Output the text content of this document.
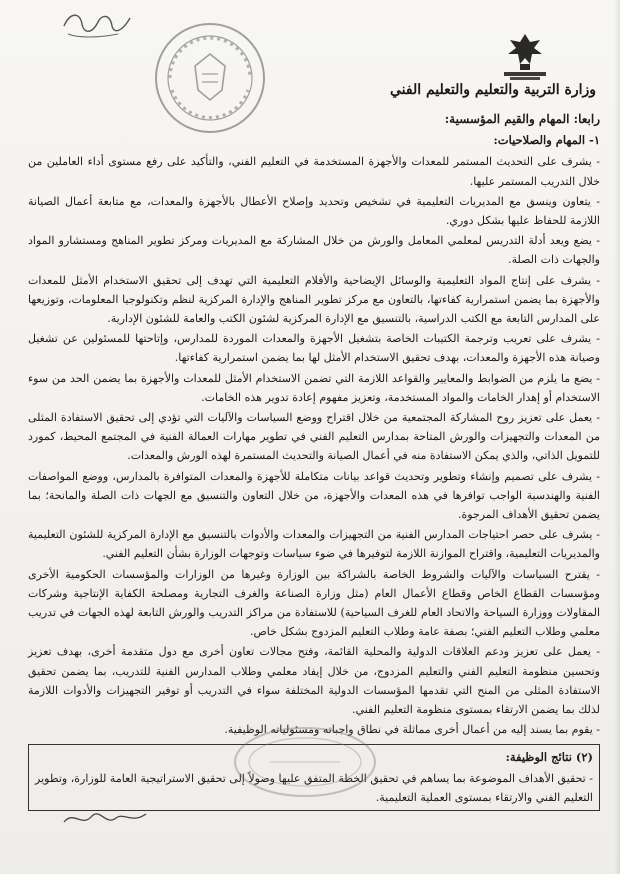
وزارة التربية والتعليم والتعليم الفني
رابعا: المهام والقيم المؤسسية:
١- المهام والصلاحيات:

- يشرف على التحديث المستمر للمعدات والأجهزة المستخدمة في التعليم الفني، والتأكيد على رفع مستوى أداء العاملين من خلال التدريب المستمر عليها.

- يتعاون وينسق مع المديريات التعليمية في تشخيص وتحديد وإصلاح الأعطال بالأجهزة والمعدات، مع متابعة أعمال الصيانة اللازمة للحفاظ عليها بشكل دوري.

- يضع ويعد أدلة التدريس لمعلمي المعامل والورش من خلال المشاركة مع المديريات ومركز تطوير المناهج ومستشارو المواد والجهات ذات الصلة.

- يشرف على إنتاج المواد التعليمية والوسائل الإيضاحية والأفلام التعليمية التي تهدف إلى تحقيق الاستخدام الأمثل للمعدات والأجهزة بما يضمن استمرارية كفاءتها، بالتعاون مع مركز تطوير المناهج والإدارة المركزية لنظم وتكنولوجيا المعلومات، وتوزيعها على المدارس التابعة مع الكتب الدراسية، بالتنسيق مع الإدارة المركزية لشئون الكتب والعامة للشئون الإدارية.

- يشرف على تعريب وترجمة الكتيبات الخاصة بتشغيل الأجهزة والمعدات الموردة للمدارس، وإتاحتها للمسئولين عن تشغيل وصيانة هذه الأجهزة والمعدات، بهدف تحقيق الاستخدام الأمثل لها بما يضمن استمرارية كفاءتها.

- يضع ما يلزم من الضوابط والمعايير والقواعد اللازمة التي تضمن الاستخدام الأمثل للمعدات والأجهزة بما يضمن الحد من سوء الاستخدام أو إهدار الخامات والمواد المستخدمة، وتعزيز مفهوم إعادة تدوير هذه الخامات.

- يعمل على تعزيز روح المشاركة المجتمعية من خلال اقتراح ووضع السياسات والآليات التي تؤدي إلى تحقيق الاستفادة المثلى من المعدات والتجهيزات والورش المتاحة بمدارس التعليم الفني في تطوير مهارات العمالة الفنية في المجتمع المحيط، كمورد للتمويل الذاتي، والذي يمكن الاستفادة منه في أعمال الصيانة والتحديث المستمرة لهذه الورش والمعدات.

- يشرف على تصميم وإنشاء وتطوير وتحديث قواعد بيانات متكاملة للأجهزة والمعدات المتوافرة بالمدارس، ووضع المواصفات الفنية والهندسية الواجب توافرها في هذه المعدات والأجهزة، من خلال التعاون والتنسيق مع الجهات ذات الصلة والمانحة؛ بما يضمن تحقيق الأهداف المرجوة.

- يشرف على حصر احتياجات المدارس الفنية من التجهيزات والمعدات والأدوات بالتنسيق مع الإدارة المركزية للشئون التعليمية والمديريات التعليمية، واقتراح الموازنة اللازمة لتوفيرها في ضوء سياسات وتوجهات الوزارة بشأن التعليم الفني.

- يقترح السياسات والآليات والشروط الخاصة بالشراكة بين الوزارة وغيرها من الوزارات والمؤسسات الحكومية الأخرى ومؤسسات القطاع الخاص وقطاع الأعمال العام (مثل وزارة الصناعة والغرف التجارية ومصلحة الكفاية الإنتاجية وشركات المقاولات ووزارة السياحة والاتحاد العام للغرف السياحية) للاستفادة من مراكز التدريب والورش التابعة لهذه الجهات في تدريب معلمي وطلاب التعليم الفني؛ بصفة عامة وطلاب التعليم المزدوج بشكل خاص.

- يعمل على تعزيز ودعم العلاقات الدولية والمحلية القائمة، وفتح مجالات تعاون أخرى مع دول متقدمة أخرى، بهدف تعزيز وتحسين منظومة التعليم الفني والتعليم المزدوج، من خلال إيفاد معلمي وطلاب المدارس الفنية للتدريب، بما يضمن تحقيق الاستفادة المثلى من المنح التي تقدمها المؤسسات الدولية المختلفة سواء في التدريب أو توفير التجهيزات والأدوات اللازمة لذلك بما يضمن الارتقاء بمستوى منظومة التعليم الفني.

- يقوم بما يسند إليه من أعمال أخرى مماثلة في نطاق واجباته ومسئولياته الوظيفية.

(٢) نتائج الوظيفة:

- تحقيق الأهداف الموضوعة بما يساهم في تحقيق الخطة المتفق عليها وصولاً إلى تحقيق الاستراتيجية العامة للوزارة، وتطوير التعليم الفني والارتقاء بمستوى العملية التعليمية.
